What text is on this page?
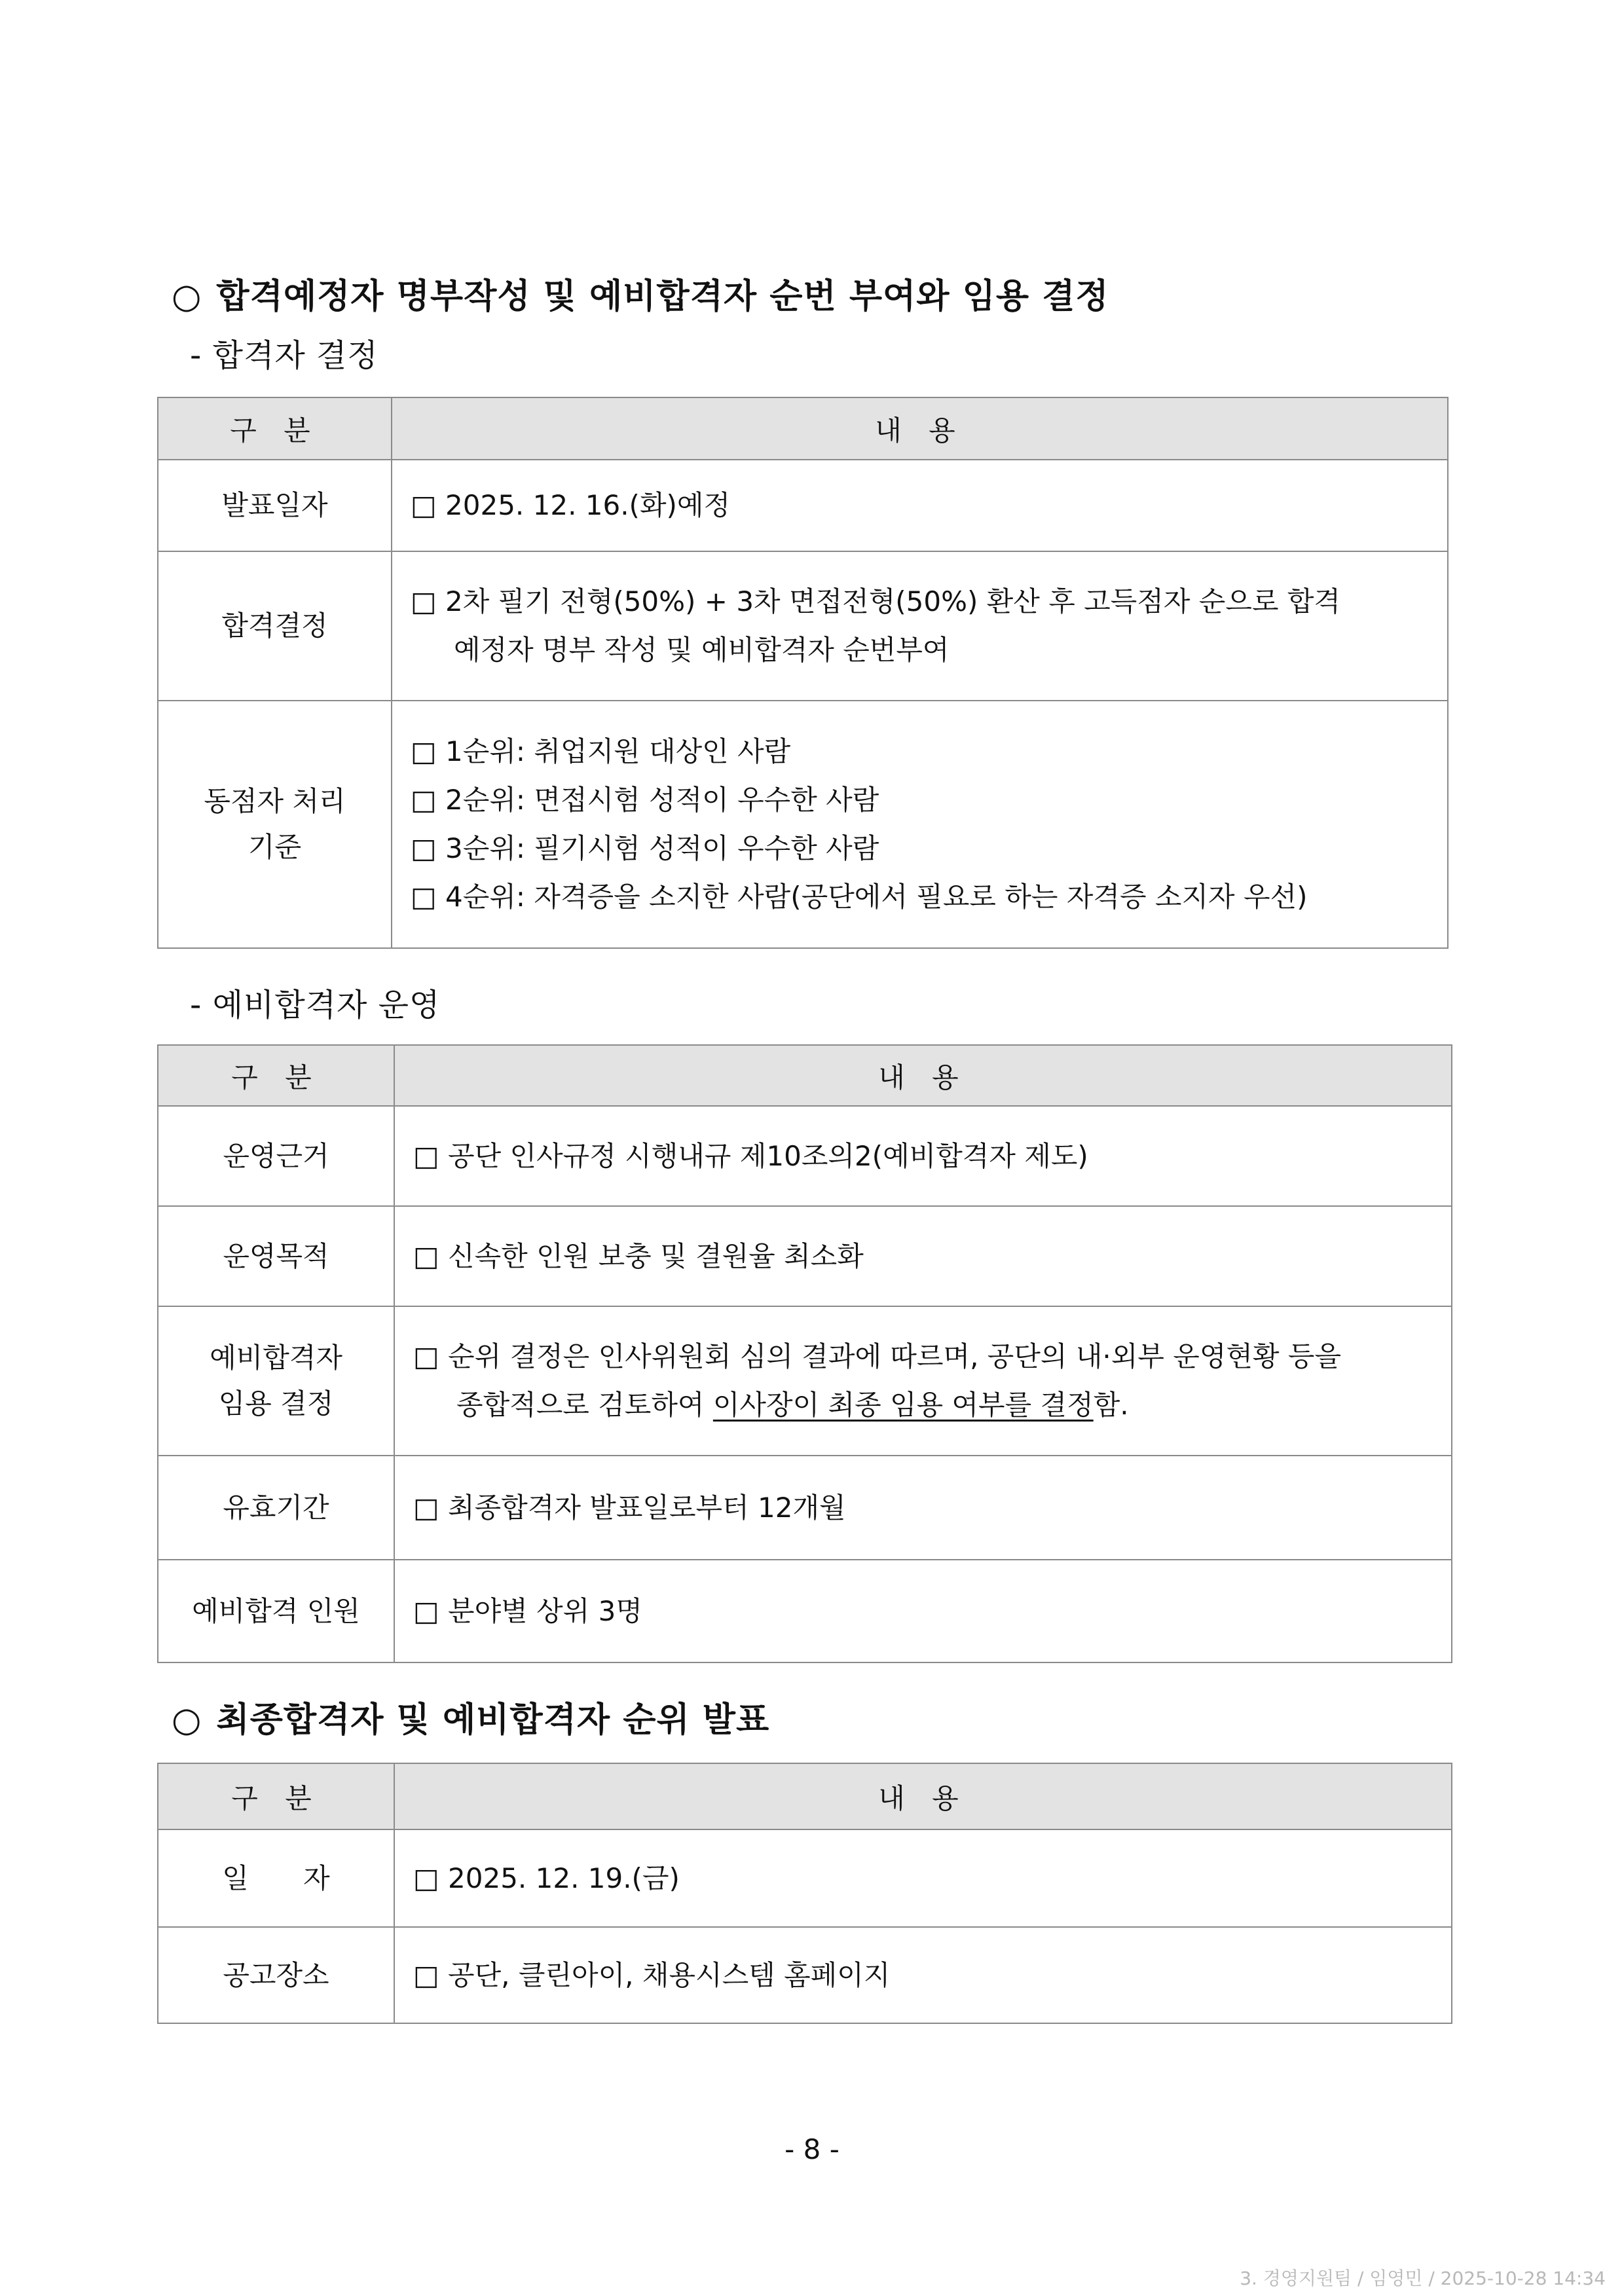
○ 합격예정자 명부작성 및 예비합격자 순번 부여와 임용 결정
- 합격자 결정
구 분	내 용
발표일자	□ 2025. 12. 16.(화)예정

합격결정	□ 2차 필기 전형(50%) + 3차 면접전형(50%) 환산 후 고득점자 순으로 합격
예정자 명부 작성 및 예비합격자 순번부여

동점자 처리
기준	□ 1순위: 취업지원 대상인 사람
□ 2순위: 면접시험 성적이 우수한 사람
□ 3순위: 필기시험 성적이 우수한 사람
□ 4순위: 자격증을 소지한 사람(공단에서 필요로 하는 자격증 소지자 우선)
- 예비합격자 운영
구 분	내 용
운영근거	□ 공단 인사규정 시행내규 제10조의2(예비합격자 제도)

운영목적	□ 신속한 인원 보충 및 결원율 최소화

예비합격자
임용 결정	□ 순위 결정은 인사위원회 심의 결과에 따르며, 공단의 내·외부 운영현황 등을
종합적으로 검토하여 이사장이 최종 임용 여부를 결정함.

유효기간	□ 최종합격자 발표일로부터 12개월

예비합격 인원	□ 분야별 상위 3명
○ 최종합격자 및 예비합격자 순위 발표
구 분	내 용
일 자	□ 2025. 12. 19.(금)

공고장소	□ 공단, 클린아이, 채용시스템 홈페이지
- 8 -
3. 경영지원팀 / 임영민 / 2025-10-28 14:34
